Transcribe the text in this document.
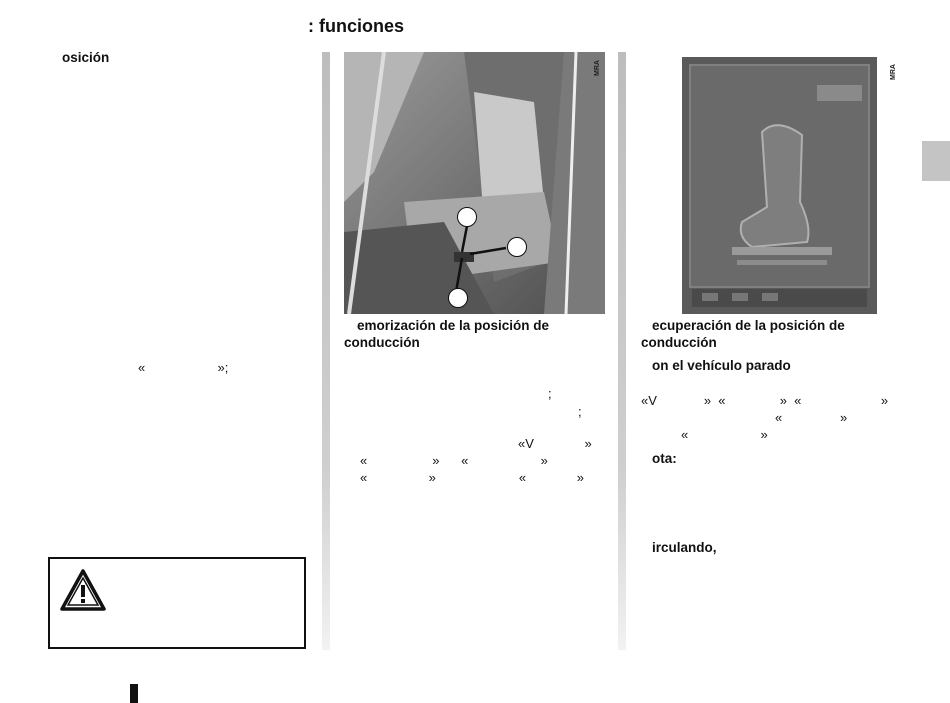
: funciones
osición
«                    »;
MRA
emorización de la posición de
conducción
;
;
«V              »
«                  »      «                    »
«                 »                       «              »
MRA
ecuperación de la posición de
conducción
on el vehículo parado
«V             »  «               »  «                      »
«                »
«                    »
ota:
irculando,
